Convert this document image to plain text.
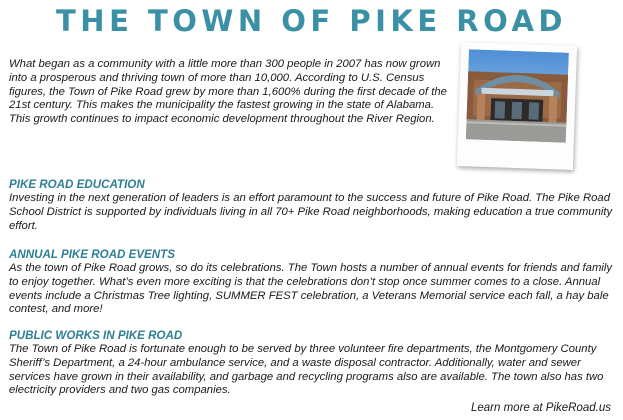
THE TOWN OF PIKE ROAD

What began as a community with a little more than 300 people in 2007 has now grown into a prosperous and thriving town of more than 10,000. According to U.S. Census figures, the Town of Pike Road grew by more than 1,600% during the first decade of the 21st century. This makes the municipality the fastest growing in the state of Alabama. This growth continues to impact economic development throughout the River Region.

PIKE ROAD EDUCATION

Investing in the next generation of leaders is an effort paramount to the success and future of Pike Road. The Pike Road School District is supported by individuals living in all 70+ Pike Road neighborhoods, making education a true community effort.

ANNUAL PIKE ROAD EVENTS

As the town of Pike Road grows, so do its celebrations. The Town hosts a number of annual events for friends and family to enjoy together. What’s even more exciting is that the celebrations don’t stop once summer comes to a close. Annual events include a Christmas Tree lighting, SUMMER FEST celebration, a Veterans Memorial service each fall, a hay bale contest, and more!

PUBLIC WORKS IN PIKE ROAD

The Town of Pike Road is fortunate enough to be served by three volunteer fire departments, the Montgomery County Sheriff’s Department, a 24-hour ambulance service, and a waste disposal contractor. Additionally, water and sewer services have grown in their availability, and garbage and recycling programs also are available. The town also has two electricity providers and two gas companies.

Learn more at PikeRoad.us
